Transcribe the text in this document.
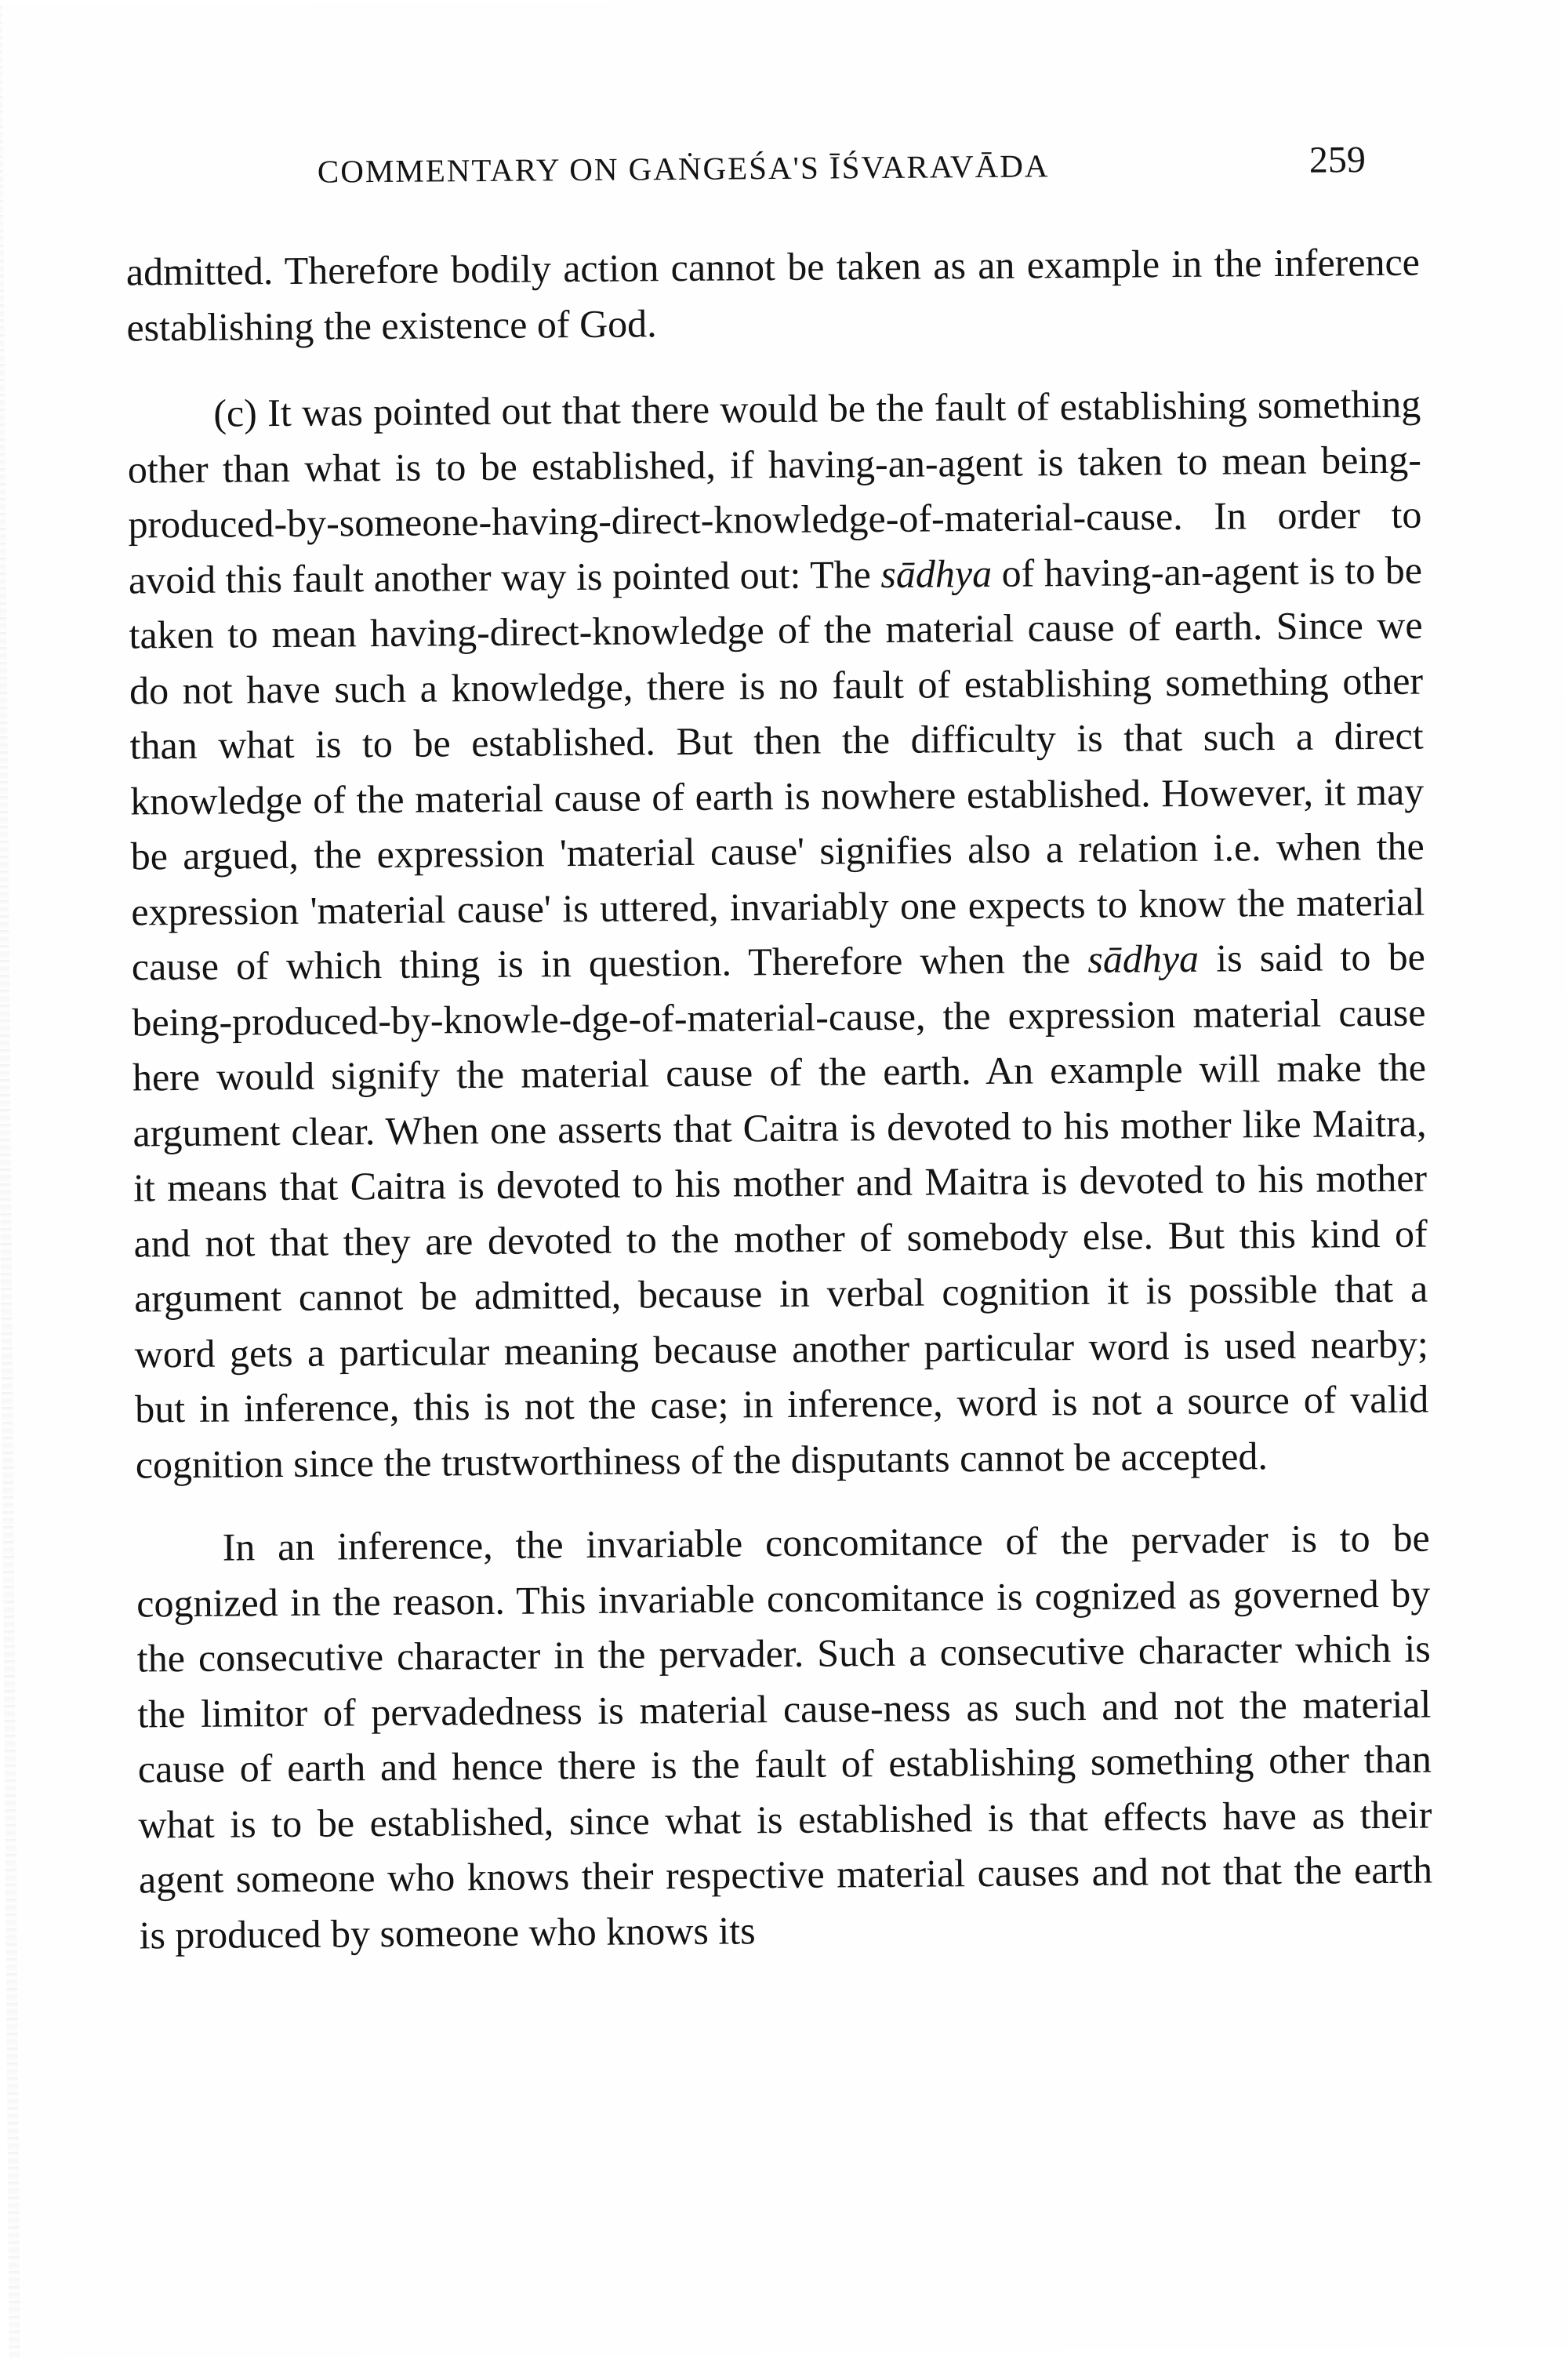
COMMENTARY ON GAṄGEŚA'S ĪŚVARAVĀDA	259

admitted. Therefore bodily action cannot be taken as an example in the inference establishing the existence of God.

(c) It was pointed out that there would be the fault of establishing something other than what is to be established, if having-an-agent is taken to mean being-produced-by-someone-having-direct-knowledge-of-material-cause. In order to avoid this fault another way is pointed out: The sādhya of having-an-agent is to be taken to mean having-direct-knowledge of the material cause of earth. Since we do not have such a knowledge, there is no fault of establishing something other than what is to be established. But then the difficulty is that such a direct knowledge of the material cause of earth is nowhere established. However, it may be argued, the expression 'material cause' signifies also a relation i.e. when the expression 'material cause' is uttered, invariably one expects to know the material cause of which thing is in question. Therefore when the sādhya is said to be being-produced-by-knowle-dge-of-material-cause, the expression material cause here would signify the material cause of the earth. An example will make the argument clear. When one asserts that Caitra is devoted to his mother like Maitra, it means that Caitra is devoted to his mother and Maitra is devoted to his mother and not that they are devoted to the mother of somebody else. But this kind of argument cannot be admitted, because in verbal cognition it is possible that a word gets a particular meaning because another particular word is used nearby; but in inference, this is not the case; in inference, word is not a source of valid cognition since the trustworthiness of the disputants cannot be accepted.

In an inference, the invariable concomitance of the pervader is to be cognized in the reason. This invariable concomitance is cognized as governed by the consecutive character in the pervader. Such a consecutive character which is the limitor of pervadedness is material cause-ness as such and not the material cause of earth and hence there is the fault of establishing something other than what is to be established, since what is established is that effects have as their agent someone who knows their respective material causes and not that the earth is produced by someone who knows its
